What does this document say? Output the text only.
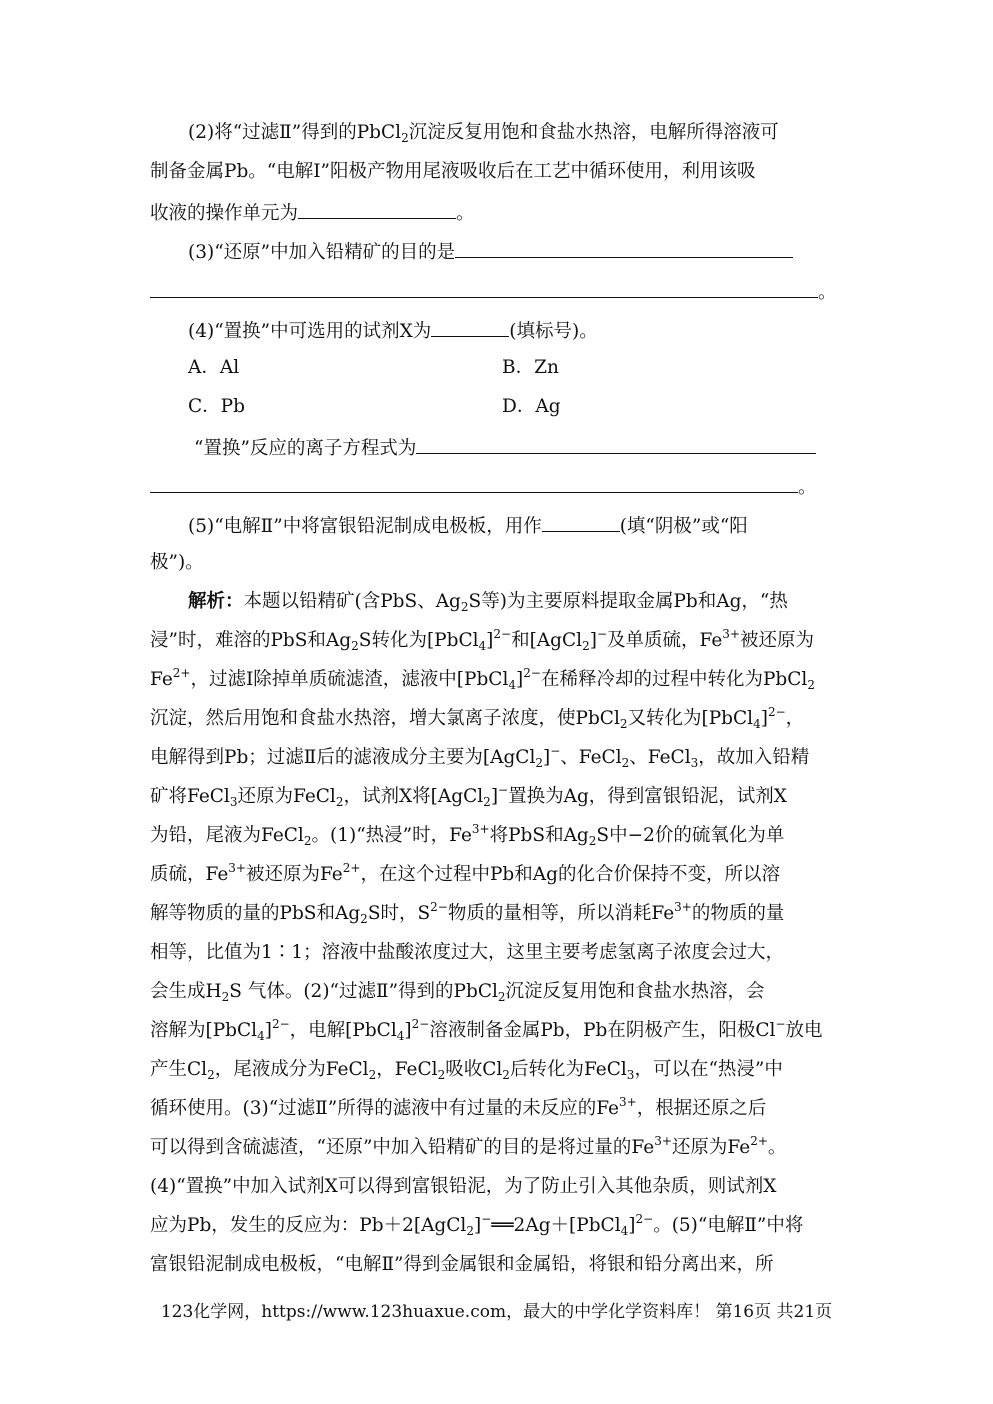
(2)将“过滤Ⅱ”得到的PbCl$_2$沉淀反复用饱和食盐水热溶，电解所得溶液可
制备金属Pb。“电解Ⅰ”阳极产物用尾液吸收后在工艺中循环使用，利用该吸
收液的操作单元为	。
(3)“还原”中加入铅精矿的目的是
。
(4)“置换”中可选用的试剂X为	(填标号)。
A．Al	B．Zn
C．Pb	D．Ag
“置换”反应的离子方程式为
。
(5)“电解Ⅱ”中将富银铅泥制成电极板，用作	(填“阴极”或“阳
极”)。
解析：本题以铅精矿(含PbS、$Ag_2S$等)为主要原料提取金属Pb和Ag，“热
浸”时，难溶的PbS和$Ag_2S$转化为[PbCl$_4$]$^{2-}$和[AgCl$_2$]−及单质硫，$Fe^{3+}$被还原为
$Fe^{2+}$，过滤Ⅰ除掉单质硫滤渣，滤液中[PbCl$_4$]$^{2-}$在稀释冷却的过程中转化为PbCl$_2$
沉淀，然后用饱和食盐水热溶，增大氯离子浓度，使PbCl$_2$又转化为[PbCl$_4$]$^{2-}$，
电解得到Pb；过滤Ⅱ后的滤液成分主要为[AgCl$_2$]−、FeCl$_2$、FeCl$_3$，故加入铅精
矿将FeCl$_3$还原为FeCl$_2$，试剂X将[AgCl$_2$]−置换为Ag，得到富银铅泥，试剂X
为铅，尾液为FeCl$_2$。(1)“热浸”时，$Fe^{3+}$将PbS和$Ag_2S$中−2价的硫氧化为单
质硫，$Fe^{3+}$被还原为$Fe^{2+}$，在这个过程中Pb和Ag的化合价保持不变，所以溶
解等物质的量的PbS和$Ag_2S$时，$S^{2-}$物质的量相等，所以消耗$Fe^{3+}$的物质的量
相等，比值为1∶1；溶液中盐酸浓度过大，这里主要考虑氢离子浓度会过大，
会生成$H_2S$ 气体。(2)“过滤Ⅱ”得到的PbCl$_2$沉淀反复用饱和食盐水热溶，会
溶解为[PbCl$_4$]$^{2-}$，电解[PbCl$_4$]$^{2-}$溶液制备金属Pb，Pb在阴极产生，阳极Cl−放电
产生$Cl_2$，尾液成分为FeCl$_2$，FeCl$_2$吸收$Cl_2$后转化为FeCl$_3$，可以在“热浸”中
循环使用。(3)“过滤Ⅱ”所得的滤液中有过量的未反应的$Fe^{3+}$，根据还原之后
可以得到含硫滤渣，“还原”中加入铅精矿的目的是将过量的$Fe^{3+}$还原为$Fe^{2+}$。
(4)“置换”中加入试剂X可以得到富银铅泥，为了防止引入其他杂质，则试剂X
应为Pb，发生的反应为：Pb＋2[AgCl$_2$]−══2Ag＋[PbCl$_4$]$^{2-}$。(5)“电解Ⅱ”中将
富银铅泥制成电极板，“电解Ⅱ”得到金属银和金属铅，将银和铅分离出来，所
123化学网，https://www.123huaxue.com，最大的中学化学资料库！ 第16页 共21页
